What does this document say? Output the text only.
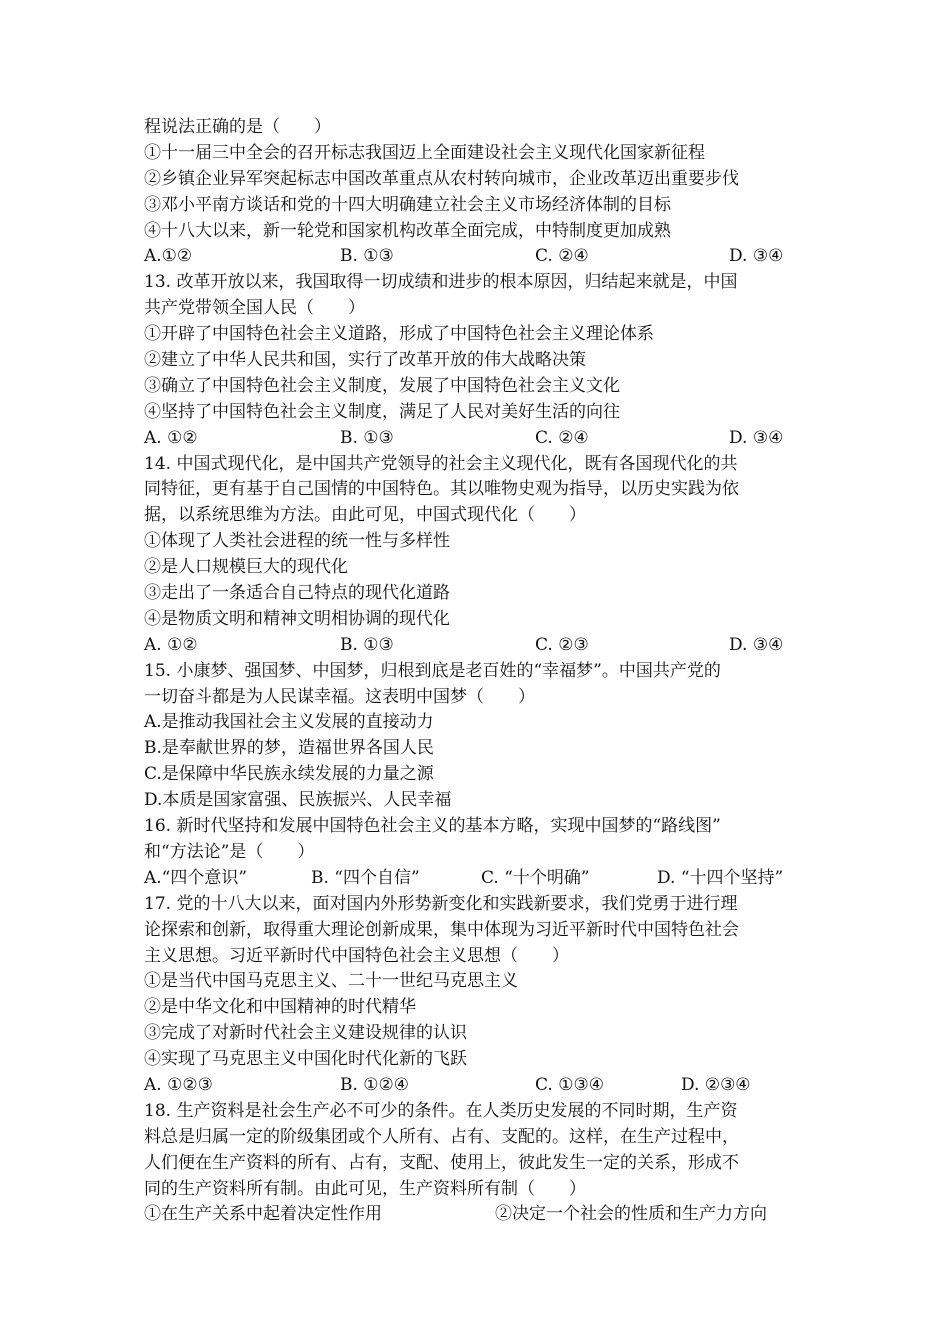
程说法正确的是（　　）
①十一届三中全会的召开标志我国迈上全面建设社会主义现代化国家新征程
②乡镇企业异军突起标志中国改革重点从农村转向城市，企业改革迈出重要步伐
③邓小平南方谈话和党的十四大明确建立社会主义市场经济体制的目标
④十八大以来，新一轮党和国家机构改革全面完成，中特制度更加成熟
A.①②	B. ①③	C. ②④	D. ③④
13. 改革开放以来，我国取得一切成绩和进步的根本原因，归结起来就是，中国
共产党带领全国人民（　　）
①开辟了中国特色社会主义道路，形成了中国特色社会主义理论体系
②建立了中华人民共和国，实行了改革开放的伟大战略决策
③确立了中国特色社会主义制度，发展了中国特色社会主义文化
④坚持了中国特色社会主义制度，满足了人民对美好生活的向往
A. ①②	B. ①③	C. ②④	D. ③④
14. 中国式现代化，是中国共产党领导的社会主义现代化，既有各国现代化的共
同特征，更有基于自己国情的中国特色。其以唯物史观为指导，以历史实践为依
据，以系统思维为方法。由此可见，中国式现代化（　　）
①体现了人类社会进程的统一性与多样性
②是人口规模巨大的现代化
③走出了一条适合自己特点的现代化道路
④是物质文明和精神文明相协调的现代化
A. ①②	B. ①③	C. ②③	D. ③④
15. 小康梦、强国梦、中国梦，归根到底是老百姓的“幸福梦”。中国共产党的
一切奋斗都是为人民谋幸福。这表明中国梦（　　）
A.是推动我国社会主义发展的直接动力
B.是奉献世界的梦，造福世界各国人民
C.是保障中华民族永续发展的力量之源
D.本质是国家富强、民族振兴、人民幸福
16. 新时代坚持和发展中国特色社会主义的基本方略，实现中国梦的“路线图”
和“方法论”是（　　）
A.“四个意识”	B. “四个自信”	C. “十个明确”	D. “十四个坚持”
17. 党的十八大以来，面对国内外形势新变化和实践新要求，我们党勇于进行理
论探索和创新，取得重大理论创新成果，集中体现为习近平新时代中国特色社会
主义思想。习近平新时代中国特色社会主义思想（　　）
①是当代中国马克思主义、二十一世纪马克思主义
②是中华文化和中国精神的时代精华
③完成了对新时代社会主义建设规律的认识
④实现了马克思主义中国化时代化新的飞跃
A. ①②③	B. ①②④	C. ①③④	D. ②③④
18. 生产资料是社会生产必不可少的条件。在人类历史发展的不同时期，生产资
料总是归属一定的阶级集团或个人所有、占有、支配的。这样，在生产过程中，
人们便在生产资料的所有、占有，支配、使用上，彼此发生一定的关系，形成不
同的生产资料所有制。由此可见，生产资料所有制（　　）
①在生产关系中起着决定性作用	②决定一个社会的性质和生产力方向
